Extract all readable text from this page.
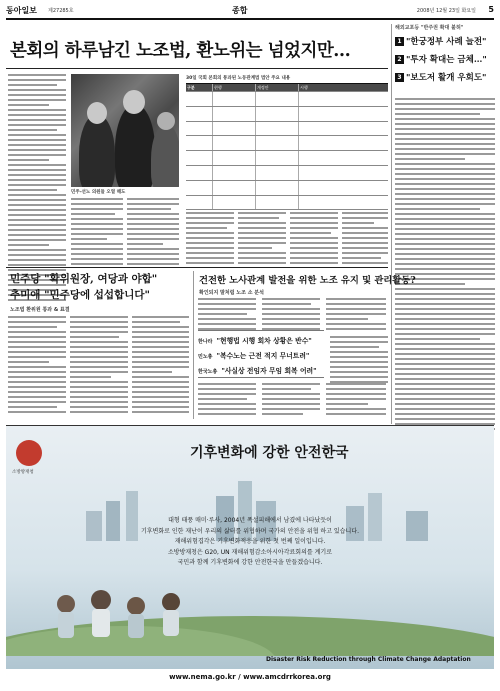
동아일보 제27285호	종합	2008년 12월 23일 화요일 5
본회의 하루남긴 노조법, 환노위는 넘었지만…
해외교포등 "반주권 확대 불허"
1 "한궁정부 사례 늘전"
2 "투자 확대는 금체…"
3 "보도저 활개 우회도"
민주-선노 의원들 오열 해도
30일 국회 본회의 통과된 노동관계법 법안 주요 내용
구분	현행	개정안	시행
민주당 "확위원장, 여당과 야합"
추미애 "민주당에 섭섭합니다"
노조법 환위원 통과 & 표결
건전한 노사관계 발전을 위한 노조 유지 및 관리활동?
확인되지 말처럼 노조 소 분석
한나라 "현행법 시행 회차 상황은 반수"
민노총 "복수노는 근전 적지 무너트려"
한국노총 "사실상 전임자 무임 회복 어려"
소방방재청
기후변화에 강한 안전한국
대형 태풍 매미·루사, 2004년 폭설피해에서 남겼에 나타났듯이
기후변화로 인한 재난이 우리의 삶터를 위협하며 국가의 안전을 위협 하고 있습니다.
재해위험겹각은 기후변화적응을 위한 첫 번째 일이입니다.
소방방재청은 G20, UN 재해위험감소아시아각료회의를 계기로
국민과 함께 기후변화에 강한 안전한국을 만들겠습니다.
Disaster Risk Reduction through Climate Change Adaptation
www.nema.go.kr / www.amcdrrkorea.org
